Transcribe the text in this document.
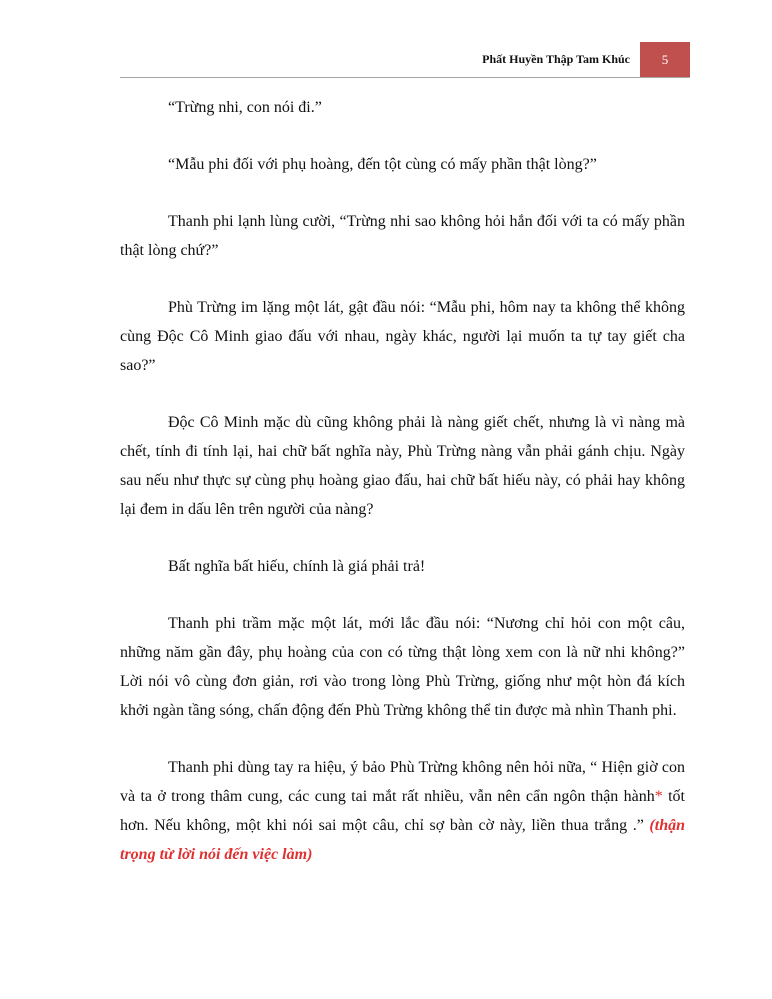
Phất Huyền Thập Tam Khúc 5

“Trừng nhi, con nói đi.”

“Mẫu phi đối với phụ hoàng, đến tột cùng có mấy phần thật lòng?”

Thanh phi lạnh lùng cười, “Trừng nhi sao không hỏi hắn đối với ta có mấy phần thật lòng chứ?”

Phù Trừng im lặng một lát, gật đầu nói: “Mẫu phi, hôm nay ta không thể không cùng Độc Cô Minh giao đấu với nhau, ngày khác, người lại muốn ta tự tay giết cha sao?”

Độc Cô Minh mặc dù cũng không phải là nàng giết chết, nhưng là vì nàng mà chết, tính đi tính lại, hai chữ bất nghĩa này, Phù Trừng nàng vẫn phải gánh chịu. Ngày sau nếu như thực sự cùng phụ hoàng giao đấu, hai chữ bất hiếu này, có phải hay không lại đem in dấu lên trên người của nàng?

Bất nghĩa bất hiếu, chính là giá phải trả!

Thanh phi trầm mặc một lát, mới lắc đầu nói: “Nương chỉ hỏi con một câu, những năm gần đây, phụ hoàng của con có từng thật lòng xem con là nữ nhi không?” Lời nói vô cùng đơn giản, rơi vào trong lòng Phù Trừng, giống như một hòn đá kích khởi ngàn tầng sóng, chấn động đến Phù Trừng không thể tin được mà nhìn Thanh phi.

Thanh phi dùng tay ra hiệu, ý bảo Phù Trừng không nên hỏi nữa, “ Hiện giờ con và ta ở trong thâm cung, các cung tai mắt rất nhiều, vẫn nên cẩn ngôn thận hành* tốt hơn. Nếu không, một khi nói sai một câu, chỉ sợ bàn cờ này, liền thua trắng .” (thận trọng từ lời nói đến việc làm)
